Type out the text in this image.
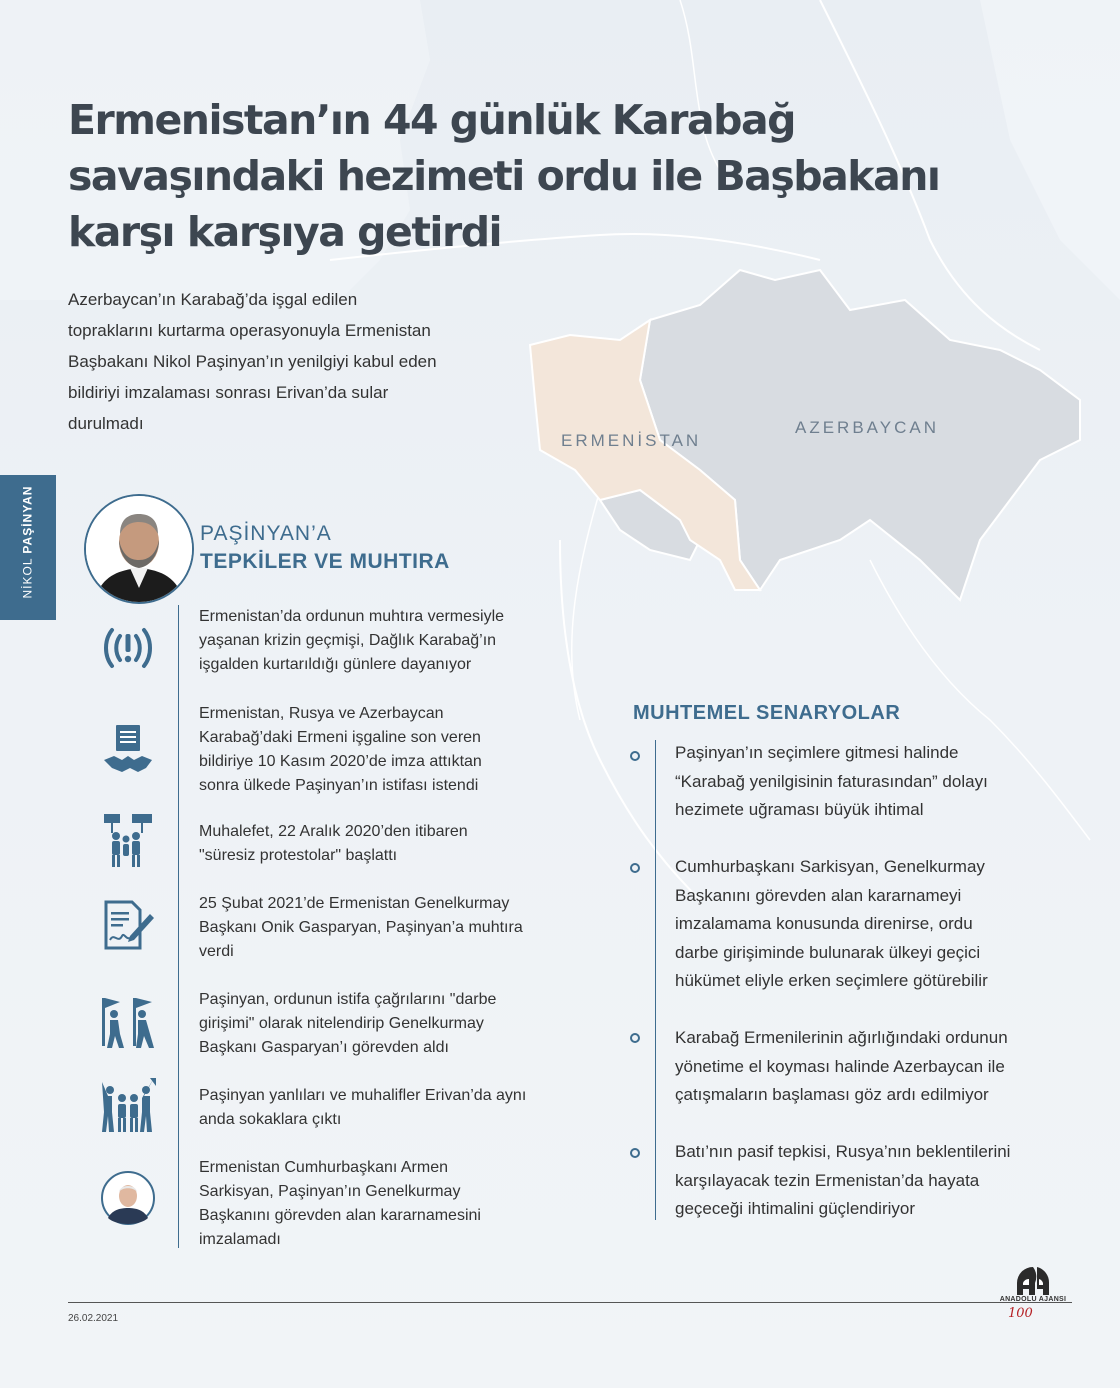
ERMENİSTAN
AZERBAYCAN
Ermenistan’ın 44 günlük Karabağ
savaşındaki hezimeti ordu ile Başbakanı
karşı karşıya getirdi
Azerbaycan’ın Karabağ’da işgal edilen
topraklarını kurtarma operasyonuyla Ermenistan
Başbakanı Nikol Paşinyan’ın yenilgiyi kabul eden
bildiriyi imzalaması sonrası Erivan’da sular
durulmadı
NİKOL PAŞİNYAN	PAŞİNYAN’A
TEPKİLER VE MUHTIRA
Ermenistan’da ordunun muhtıra vermesiyle
yaşanan krizin geçmişi, Dağlık Karabağ’ın
işgalden kurtarıldığı günlere dayanıyor
Ermenistan, Rusya ve Azerbaycan
Karabağ’daki Ermeni işgaline son veren
bildiriye 10 Kasım 2020’de imza attıktan
sonra ülkede Paşinyan’ın istifası istendi
Muhalefet, 22 Aralık 2020’den itibaren
"süresiz protestolar" başlattı
25 Şubat 2021’de Ermenistan Genelkurmay
Başkanı Onik Gasparyan, Paşinyan’a muhtıra
verdi
Paşinyan, ordunun istifa çağrılarını "darbe
girişimi" olarak nitelendirip Genelkurmay
Başkanı Gasparyan’ı görevden aldı
Paşinyan yanlıları ve muhalifler Erivan’da aynı
anda sokaklara çıktı
Ermenistan Cumhurbaşkanı Armen
Sarkisyan, Paşinyan’ın Genelkurmay
Başkanını görevden alan kararnamesini
imzalamadı
MUHTEMEL SENARYOLAR
Paşinyan’ın seçimlere gitmesi halinde
“Karabağ yenilgisinin faturasından” dolayı
hezimete uğraması büyük ihtimal
Cumhurbaşkanı Sarkisyan, Genelkurmay
Başkanını görevden alan kararnameyi
imzalamama konusunda direnirse, ordu
darbe girişiminde bulunarak ülkeyi geçici
hükümet eliyle erken seçimlere götürebilir
Karabağ Ermenilerinin ağırlığındaki ordunun
yönetime el koyması halinde Azerbaycan ile
çatışmaların başlaması göz ardı edilmiyor
Batı’nın pasif tepkisi, Rusya’nın beklentilerini
karşılayacak tezin Ermenistan’da hayata
geçeceği ihtimalini güçlendiriyor
26.02.2021
ANADOLU AJANSI
100
